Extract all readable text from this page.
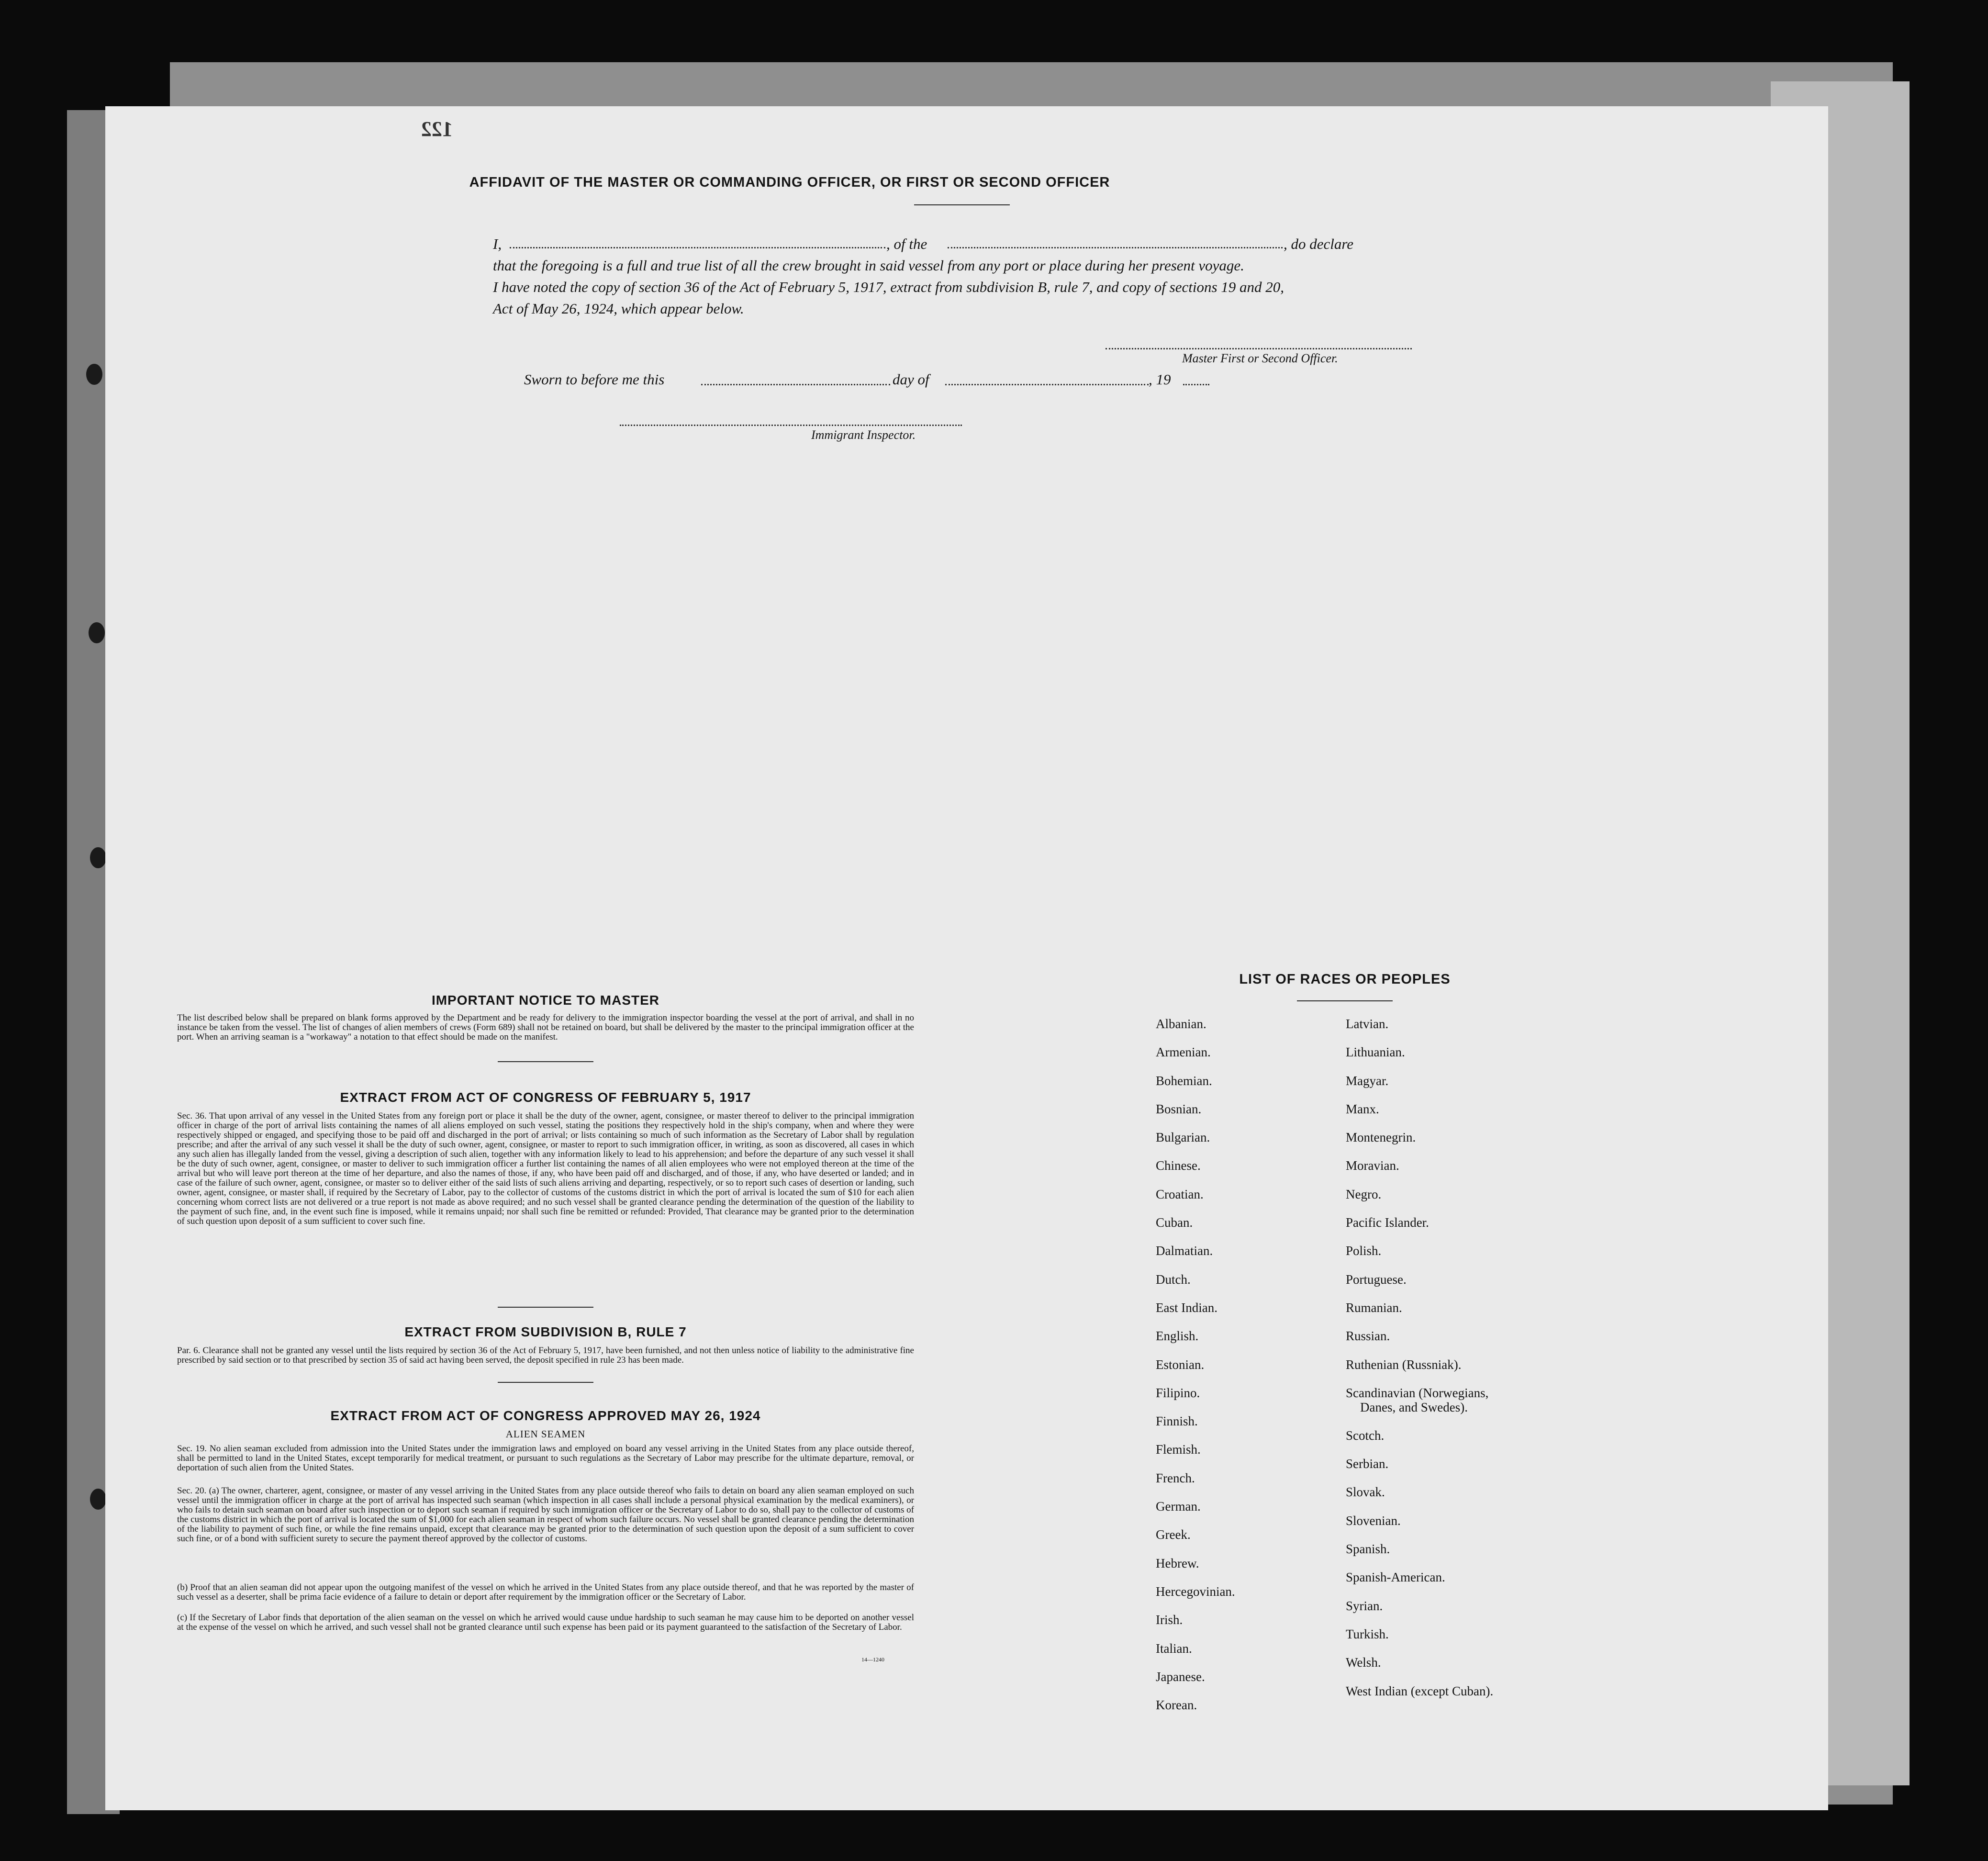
AFFIDAVIT OF THE MASTER OR COMMANDING OFFICER, OR FIRST OR SECOND OFFICER
122
I,	, of the	, do declare
that the foregoing is a full and true list of all the crew brought in said vessel from any port or place during her present voyage.
I have noted the copy of section 36 of the Act of February 5, 1917, extract from subdivision B, rule 7, and copy of sections 19 and 20,
Act of May 26, 1924, which appear below.
Master First or Second Officer.
Sworn to before me this	day of	, 19
Immigrant Inspector.
IMPORTANT NOTICE TO MASTER
The list described below shall be prepared on blank forms approved by the Department and be ready for delivery to the immigration inspector boarding the vessel at the port of arrival, and shall in no instance be taken from the vessel. The list of changes of alien members of crews (Form 689) shall not be retained on board, but shall be delivered by the master to the principal immigration officer at the port. When an arriving seaman is a "workaway" a notation to that effect should be made on the manifest.
EXTRACT FROM ACT OF CONGRESS OF FEBRUARY 5, 1917
Sec. 36. That upon arrival of any vessel in the United States from any foreign port or place it shall be the duty of the owner, agent, consignee, or master thereof to deliver to the principal immigration officer in charge of the port of arrival lists containing the names of all aliens employed on such vessel, stating the positions they respectively hold in the ship's company, when and where they were respectively shipped or engaged, and specifying those to be paid off and discharged in the port of arrival; or lists containing so much of such information as the Secretary of Labor shall by regulation prescribe; and after the arrival of any such vessel it shall be the duty of such owner, agent, consignee, or master to report to such immigration officer, in writing, as soon as discovered, all cases in which any such alien has illegally landed from the vessel, giving a description of such alien, together with any information likely to lead to his apprehension; and before the departure of any such vessel it shall be the duty of such owner, agent, consignee, or master to deliver to such immigration officer a further list containing the names of all alien employees who were not employed thereon at the time of the arrival but who will leave port thereon at the time of her departure, and also the names of those, if any, who have been paid off and discharged, and of those, if any, who have deserted or landed; and in case of the failure of such owner, agent, consignee, or master so to deliver either of the said lists of such aliens arriving and departing, respectively, or so to report such cases of desertion or landing, such owner, agent, consignee, or master shall, if required by the Secretary of Labor, pay to the collector of customs of the customs district in which the port of arrival is located the sum of $10 for each alien concerning whom correct lists are not delivered or a true report is not made as above required; and no such vessel shall be granted clearance pending the determination of the question of the liability to the payment of such fine, and, in the event such fine is imposed, while it remains unpaid; nor shall such fine be remitted or refunded: Provided, That clearance may be granted prior to the determination of such question upon deposit of a sum sufficient to cover such fine.
EXTRACT FROM SUBDIVISION B, RULE 7
Par. 6. Clearance shall not be granted any vessel until the lists required by section 36 of the Act of February 5, 1917, have been furnished, and not then unless notice of liability to the administrative fine prescribed by said section or to that prescribed by section 35 of said act having been served, the deposit specified in rule 23 has been made.
EXTRACT FROM ACT OF CONGRESS APPROVED MAY 26, 1924
ALIEN SEAMEN
Sec. 19. No alien seaman excluded from admission into the United States under the immigration laws and employed on board any vessel arriving in the United States from any place outside thereof, shall be permitted to land in the United States, except temporarily for medical treatment, or pursuant to such regulations as the Secretary of Labor may prescribe for the ultimate departure, removal, or deportation of such alien from the United States.
Sec. 20. (a) The owner, charterer, agent, consignee, or master of any vessel arriving in the United States from any place outside thereof who fails to detain on board any alien seaman employed on such vessel until the immigration officer in charge at the port of arrival has inspected such seaman (which inspection in all cases shall include a personal physical examination by the medical examiners), or who fails to detain such seaman on board after such inspection or to deport such seaman if required by such immigration officer or the Secretary of Labor to do so, shall pay to the collector of customs of the customs district in which the port of arrival is located the sum of $1,000 for each alien seaman in respect of whom such failure occurs. No vessel shall be granted clearance pending the determination of the liability to payment of such fine, or while the fine remains unpaid, except that clearance may be granted prior to the determination of such question upon the deposit of a sum sufficient to cover such fine, or of a bond with sufficient surety to secure the payment thereof approved by the collector of customs.
(b) Proof that an alien seaman did not appear upon the outgoing manifest of the vessel on which he arrived in the United States from any place outside thereof, and that he was reported by the master of such vessel as a deserter, shall be prima facie evidence of a failure to detain or deport after requirement by the immigration officer or the Secretary of Labor.
(c) If the Secretary of Labor finds that deportation of the alien seaman on the vessel on which he arrived would cause undue hardship to such seaman he may cause him to be deported on another vessel at the expense of the vessel on which he arrived, and such vessel shall not be granted clearance until such expense has been paid or its payment guaranteed to the satisfaction of the Secretary of Labor.
14—1240
LIST OF RACES OR PEOPLES
Albanian.
Armenian.
Bohemian.
Bosnian.
Bulgarian.
Chinese.
Croatian.
Cuban.
Dalmatian.
Dutch.
East Indian.
English.
Estonian.
Filipino.
Finnish.
Flemish.
French.
German.
Greek.
Hebrew.
Hercegovinian.
Irish.
Italian.
Japanese.
Korean.
Latvian.
Lithuanian.
Magyar.
Manx.
Montenegrin.
Moravian.
Negro.
Pacific Islander.
Polish.
Portuguese.
Rumanian.
Russian.
Ruthenian (Russniak).
Scandinavian (Norwegians,
Danes, and Swedes).
Scotch.
Serbian.
Slovak.
Slovenian.
Spanish.
Spanish-American.
Syrian.
Turkish.
Welsh.
West Indian (except Cuban).
